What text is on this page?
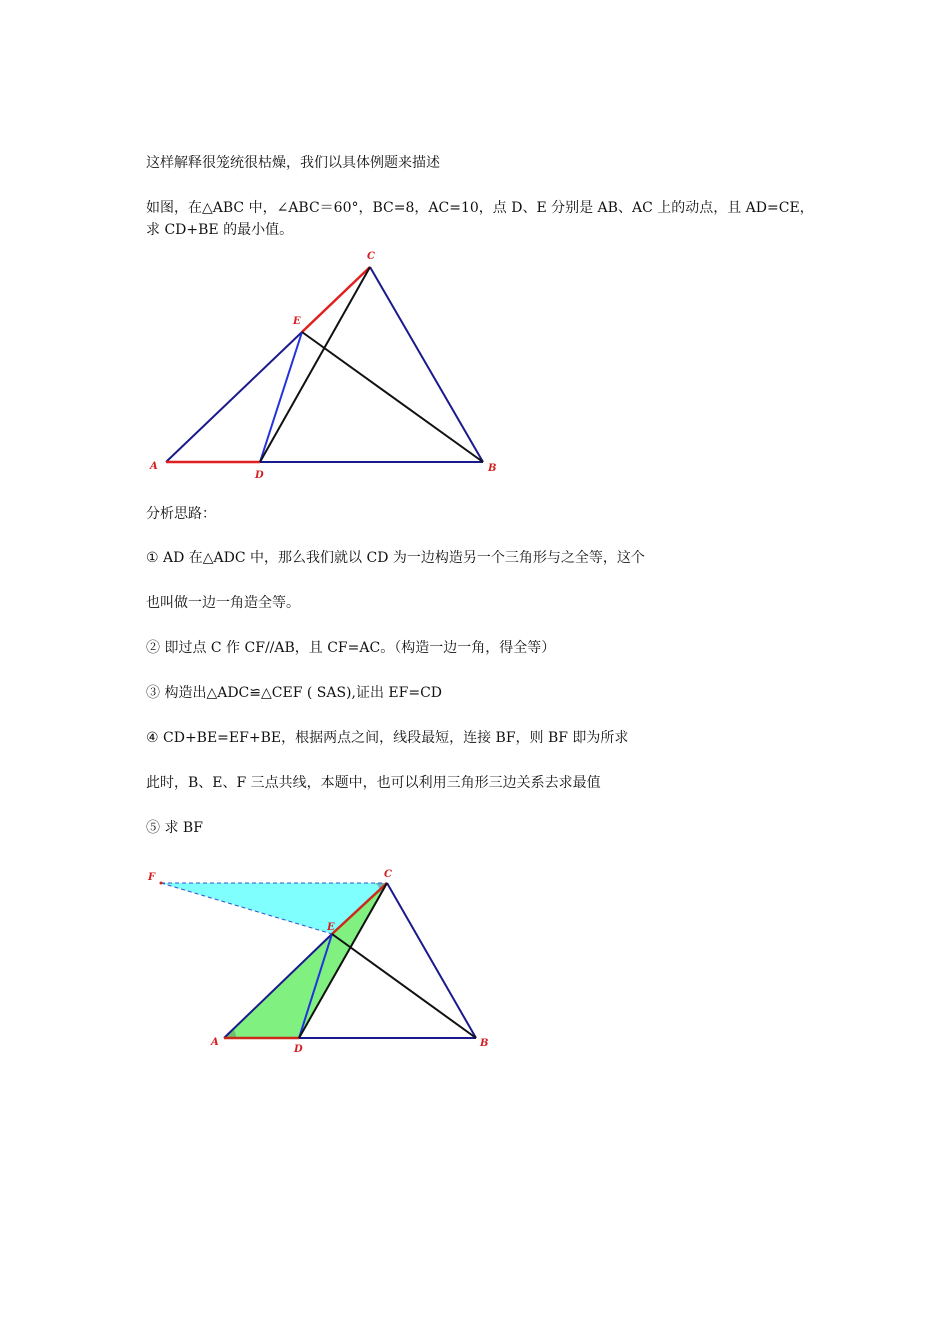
这样解释很笼统很枯燥，我们以具体例题来描述
如图，在△ABC 中，∠ABC＝60°，BC=8，AC=10，点 D、E 分别是 AB、AC 上的动点，且 AD=CE，
求 CD+BE 的最小值。
A
D
B
C
E
F	C
E
A
D
B
分析思路：
① AD 在△ADC 中，那么我们就以 CD 为一边构造另一个三角形与之全等，这个
也叫做一边一角造全等。
② 即过点 C 作 CF//AB，且 CF=AC。（构造一边一角，得全等）
③ 构造出△ADC≌△CEF ( SAS),证出 EF=CD
④ CD+BE=EF+BE，根据两点之间，线段最短，连接 BF，则 BF 即为所求
此时，B、E、F 三点共线，本题中，也可以利用三角形三边关系去求最值
⑤ 求 BF
